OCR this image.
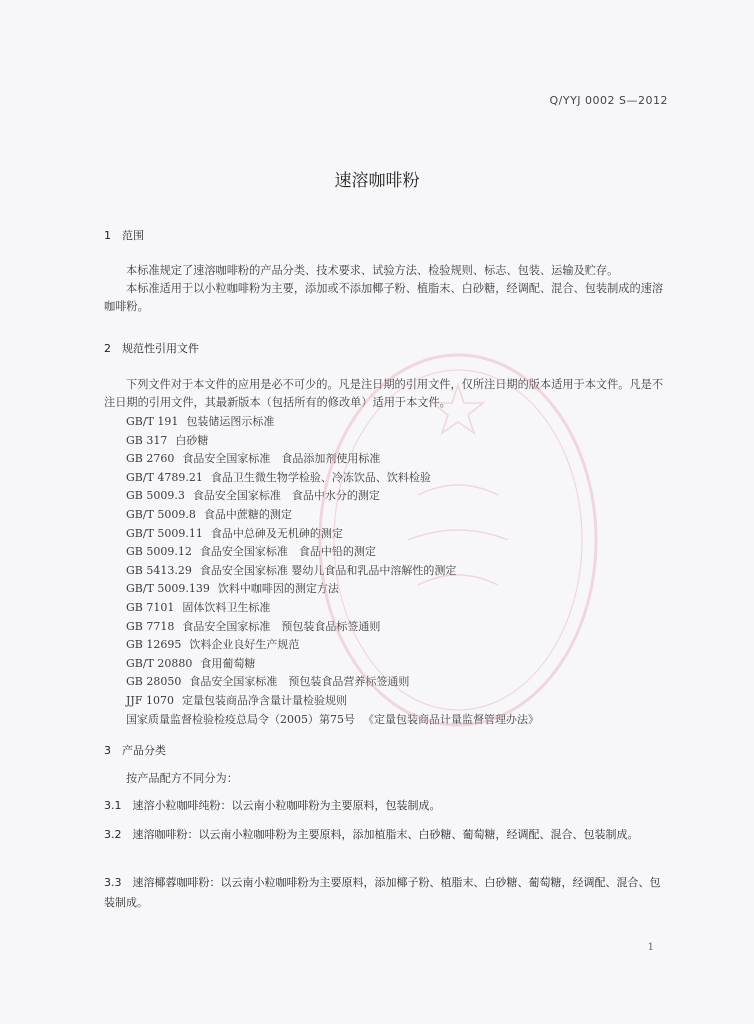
Q/YYJ 0002 S—2012
速溶咖啡粉
1 范围

本标准规定了速溶咖啡粉的产品分类、技术要求、试验方法、检验规则、标志、包装、运输及贮存。

本标准适用于以小粒咖啡粉为主要，添加或不添加椰子粉、植脂末、白砂糖，经调配、混合、包装制成的速溶咖啡粉。

2 规范性引用文件

下列文件对于本文件的应用是必不可少的。凡是注日期的引用文件，仅所注日期的版本适用于本文件。凡是不注日期的引用文件，其最新版本（包括所有的修改单）适用于本文件。

GB/T 191 包装储运图示标准
GB 317 白砂糖
GB 2760 食品安全国家标准　食品添加剂使用标准
GB/T 4789.21 食品卫生微生物学检验、冷冻饮品、饮料检验
GB 5009.3 食品安全国家标准　食品中水分的测定
GB/T 5009.8 食品中蔗糖的测定
GB/T 5009.11 食品中总砷及无机砷的测定
GB 5009.12 食品安全国家标准　食品中铅的测定
GB 5413.29 食品安全国家标准 婴幼儿食品和乳品中溶解性的测定
GB/T 5009.139 饮料中咖啡因的测定方法
GB 7101 固体饮料卫生标准
GB 7718 食品安全国家标准　预包装食品标签通则
GB 12695 饮料企业良好生产规范
GB/T 20880 食用葡萄糖
GB 28050 食品安全国家标准　预包装食品营养标签通则
JJF 1070 定量包装商品净含量计量检验规则
国家质量监督检验检疫总局令（2005）第75号 《定量包装商品计量监督管理办法》
3 产品分类

按产品配方不同分为：

3.1　速溶小粒咖啡纯粉：以云南小粒咖啡粉为主要原料，包装制成。

3.2　速溶咖啡粉：以云南小粒咖啡粉为主要原料，添加植脂末、白砂糖、葡萄糖，经调配、混合、包装制成。

3.3　速溶椰蓉咖啡粉：以云南小粒咖啡粉为主要原料，添加椰子粉、植脂末、白砂糖、葡萄糖，经调配、混合、包装制成。

1
